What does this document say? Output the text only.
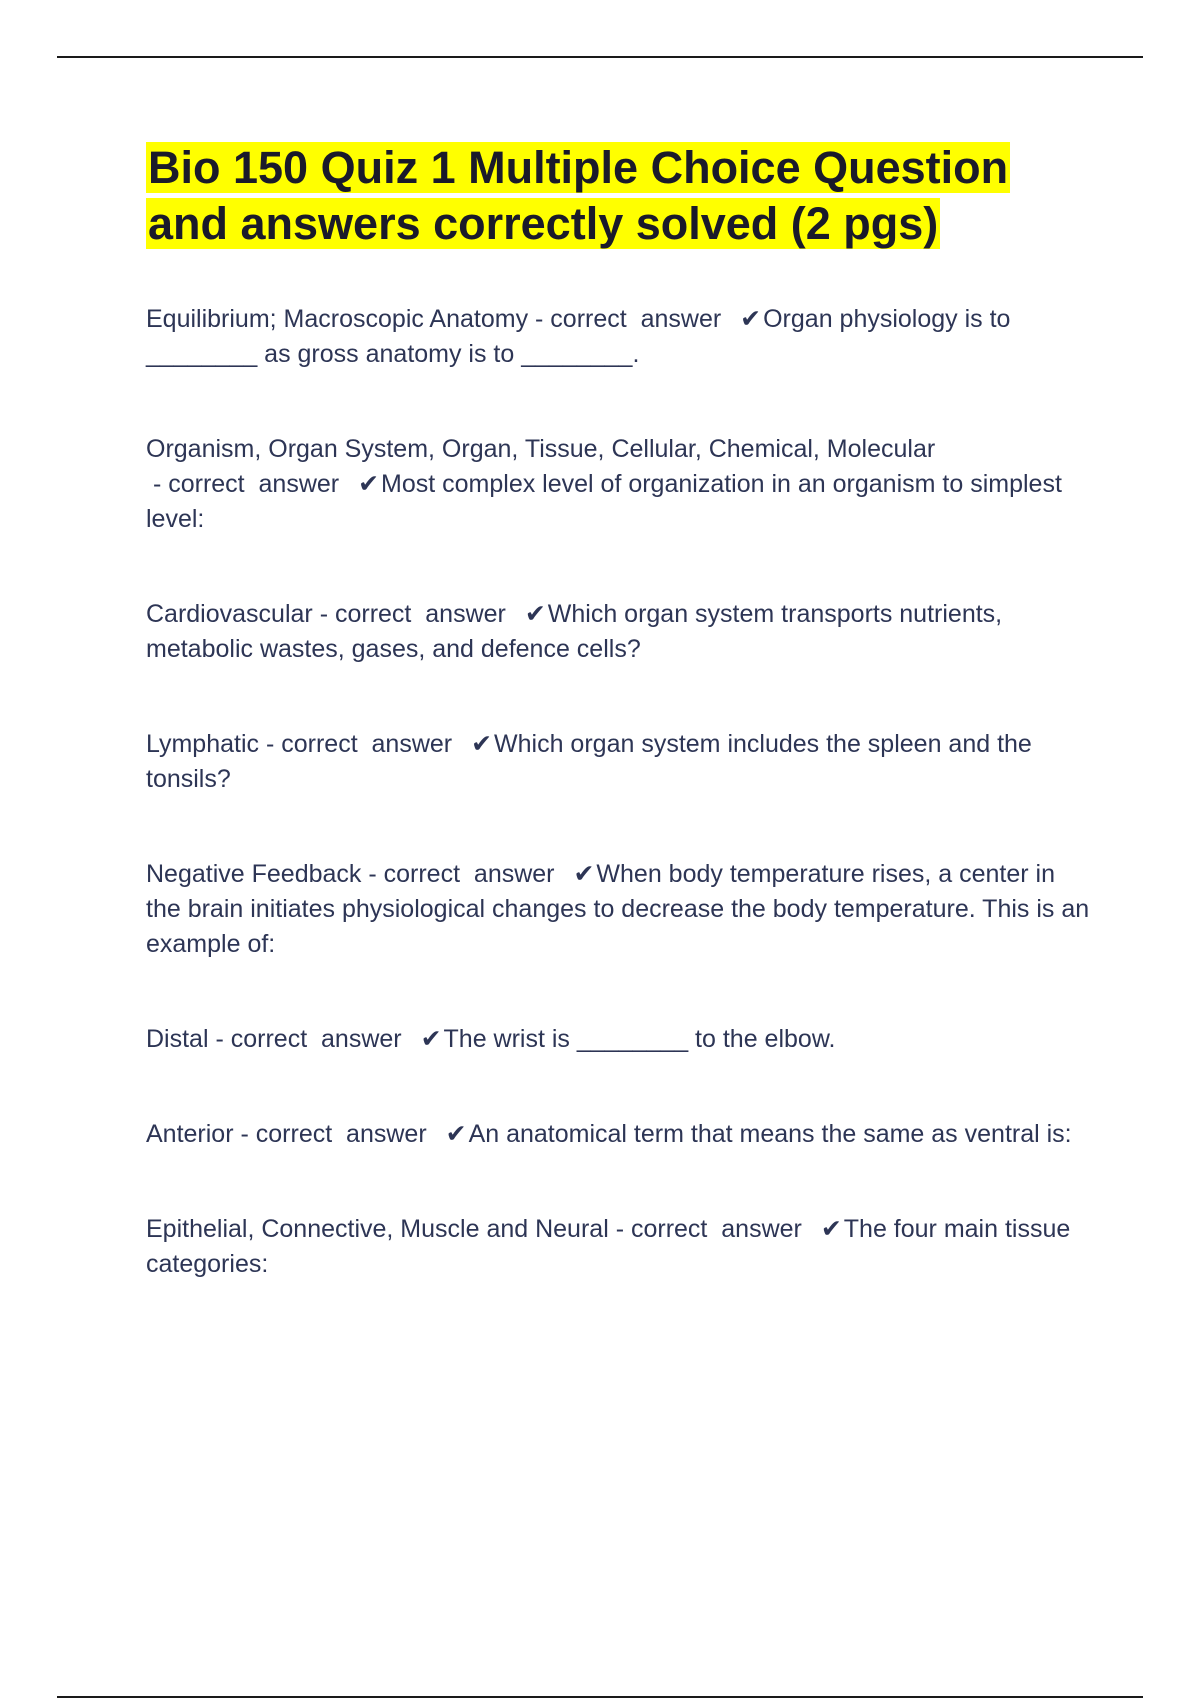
Bio 150 Quiz 1 Multiple Choice Question and answers correctly solved (2 pgs)

Equilibrium; Macroscopic Anatomy - correct  answer ✔Organ physiology is to ________ as gross anatomy is to ________.

Organism, Organ System, Organ, Tissue, Cellular, Chemical, Molecular - correct  answer ✔Most complex level of organization in an organism to simplest level:

Cardiovascular - correct  answer ✔Which organ system transports nutrients, metabolic wastes, gases, and defence cells?

Lymphatic - correct  answer ✔Which organ system includes the spleen and the tonsils?

Negative Feedback - correct  answer ✔When body temperature rises, a center in the brain initiates physiological changes to decrease the body temperature. This is an example of:

Distal - correct  answer ✔The wrist is ________ to the elbow.

Anterior - correct  answer ✔An anatomical term that means the same as ventral is:

Epithelial, Connective, Muscle and Neural - correct  answer ✔The four main tissue categories:
